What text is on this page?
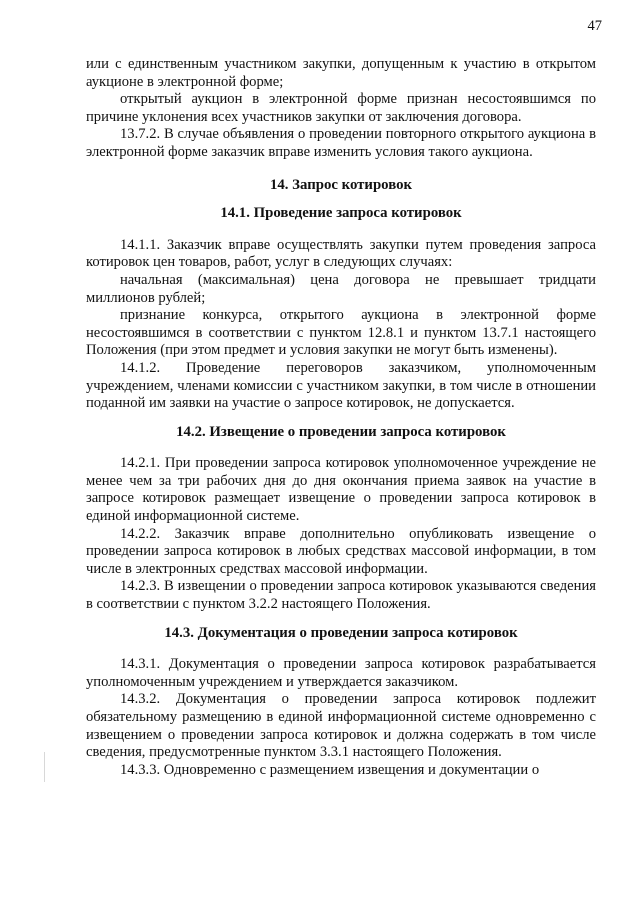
47

или с единственным участником закупки, допущенным к участию в открытом аукционе в электронной форме;

открытый аукцион в электронной форме признан несостоявшимся по причине уклонения всех участников закупки от заключения договора.

13.7.2. В случае объявления о проведении повторного открытого аукциона в электронной форме заказчик вправе изменить условия такого аукциона.

14. Запрос котировок
14.1. Проведение запроса котировок

14.1.1. Заказчик вправе осуществлять закупки путем проведения запроса котировок цен товаров, работ, услуг в следующих случаях:

начальная (максимальная) цена договора не превышает тридцати миллионов рублей;

признание конкурса, открытого аукциона в электронной форме несостоявшимся в соответствии с пунктом 12.8.1 и пунктом 13.7.1 настоящего Положения (при этом предмет и условия закупки не могут быть изменены).

14.1.2. Проведение переговоров заказчиком, уполномоченным учреждением, членами комиссии с участником закупки, в том числе в отношении поданной им заявки на участие о запросе котировок, не допускается.

14.2. Извещение о проведении запроса котировок

14.2.1. При проведении запроса котировок уполномоченное учреждение не менее чем за три рабочих дня до дня окончания приема заявок на участие в запросе котировок размещает извещение о проведении запроса котировок в единой информационной системе.

14.2.2. Заказчик вправе дополнительно опубликовать извещение о проведении запроса котировок в любых средствах массовой информации, в том числе в электронных средствах массовой информации.

14.2.3. В извещении о проведении запроса котировок указываются сведения в соответствии с пунктом 3.2.2 настоящего Положения.

14.3. Документация о проведении запроса котировок

14.3.1. Документация о проведении запроса котировок разрабатывается уполномоченным учреждением и утверждается заказчиком.

14.3.2. Документация о проведении запроса котировок подлежит обязательному размещению в единой информационной системе одновременно с извещением о проведении запроса котировок и должна содержать в том числе сведения, предусмотренные пунктом 3.3.1 настоящего Положения.

14.3.3. Одновременно с размещением извещения и документации о
